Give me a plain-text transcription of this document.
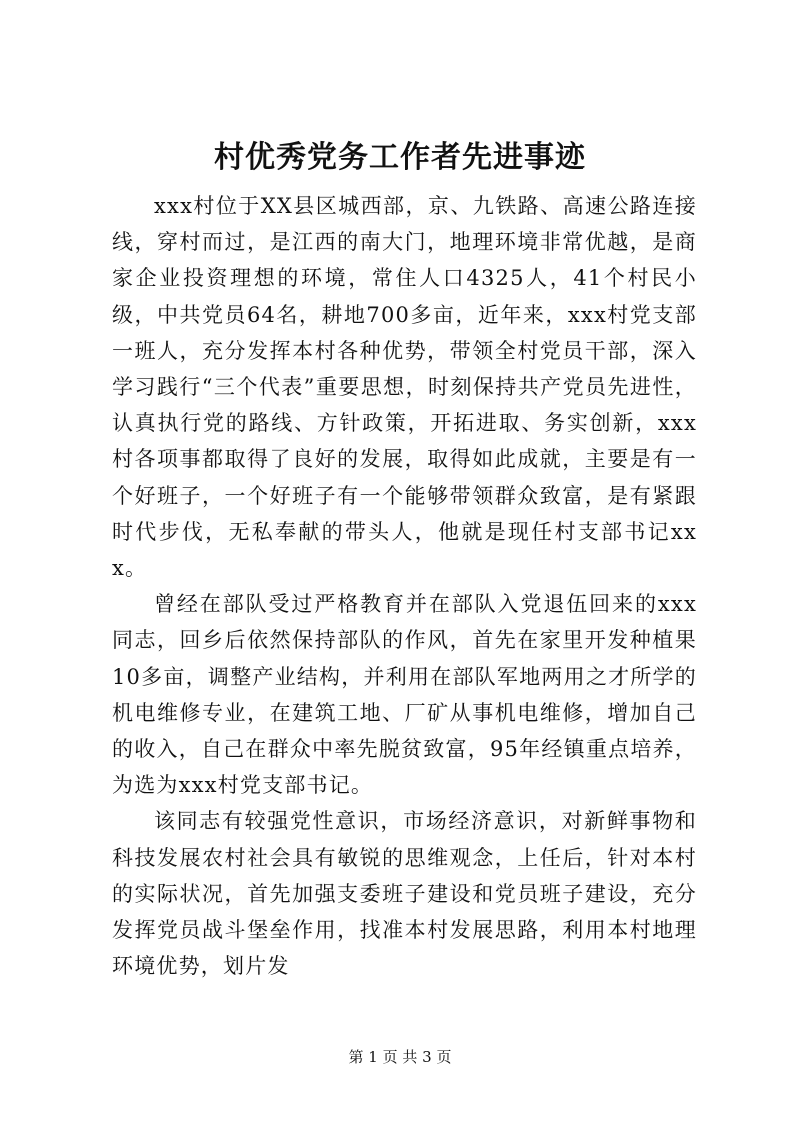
村优秀党务工作者先进事迹

xxx村位于XX县区城西部，京、九铁路、高速公路连接线，穿村而过，是江西的南大门，地理环境非常优越，是商家企业投资理想的环境，常住人口4325人，41个村民小级，中共党员64名，耕地700多亩，近年来，xxx村党支部一班人，充分发挥本村各种优势，带领全村党员干部，深入学习践行“三个代表”重要思想，时刻保持共产党员先进性，认真执行党的路线、方针政策，开拓进取、务实创新，xxx村各项事都取得了良好的发展，取得如此成就，主要是有一个好班子，一个好班子有一个能够带领群众致富，是有紧跟时代步伐，无私奉献的带头人，他就是现任村支部书记xxx。

曾经在部队受过严格教育并在部队入党退伍回来的xxx同志，回乡后依然保持部队的作风，首先在家里开发种植果10多亩，调整产业结构，并利用在部队军地两用之才所学的机电维修专业，在建筑工地、厂矿从事机电维修，增加自己的收入，自己在群众中率先脱贫致富，95年经镇重点培养，为选为xxx村党支部书记。

该同志有较强党性意识，市场经济意识，对新鲜事物和科技发展农村社会具有敏锐的思维观念，上任后，针对本村的实际状况，首先加强支委班子建设和党员班子建设，充分发挥党员战斗堡垒作用，找准本村发展思路，利用本村地理环境优势，划片发

第 1 页 共 3 页
